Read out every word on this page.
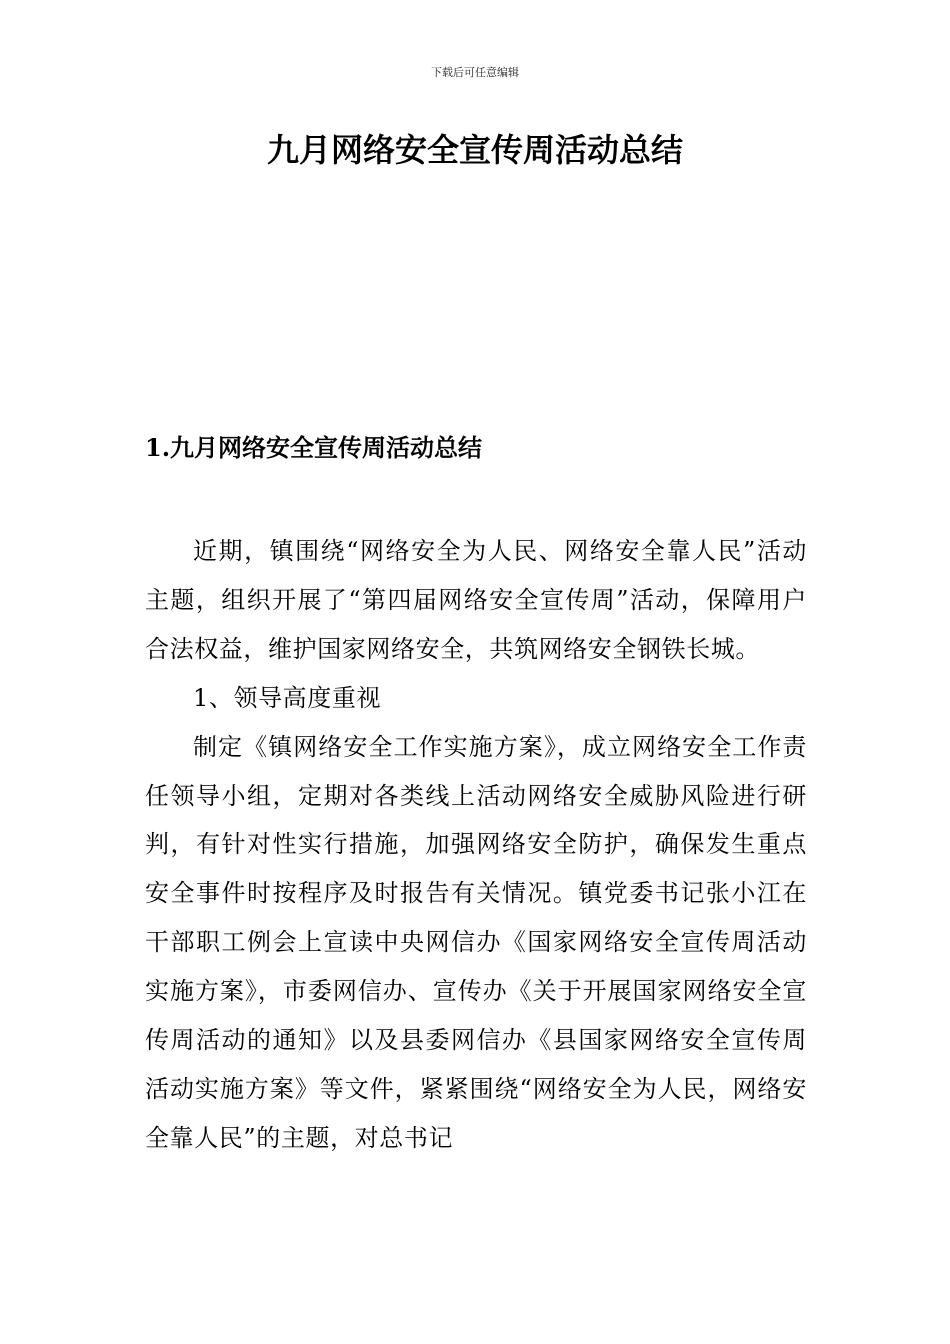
下载后可任意编辑
九月网络安全宣传周活动总结
1.九月网络安全宣传周活动总结

近期，镇围绕“网络安全为人民、网络安全靠人民”活动主题，组织开展了“第四届网络安全宣传周”活动，保障用户合法权益，维护国家网络安全，共筑网络安全钢铁长城。

1、领导高度重视

制定《镇网络安全工作实施方案》，成立网络安全工作责任领导小组，定期对各类线上活动网络安全威胁风险进行研判，有针对性实行措施，加强网络安全防护，确保发生重点安全事件时按程序及时报告有关情况。镇党委书记张小江在干部职工例会上宣读中央网信办《国家网络安全宣传周活动实施方案》，市委网信办、宣传办《关于开展国家网络安全宣传周活动的通知》以及县委网信办《县国家网络安全宣传周活动实施方案》等文件，紧紧围绕“网络安全为人民，网络安全靠人民”的主题，对总书记
